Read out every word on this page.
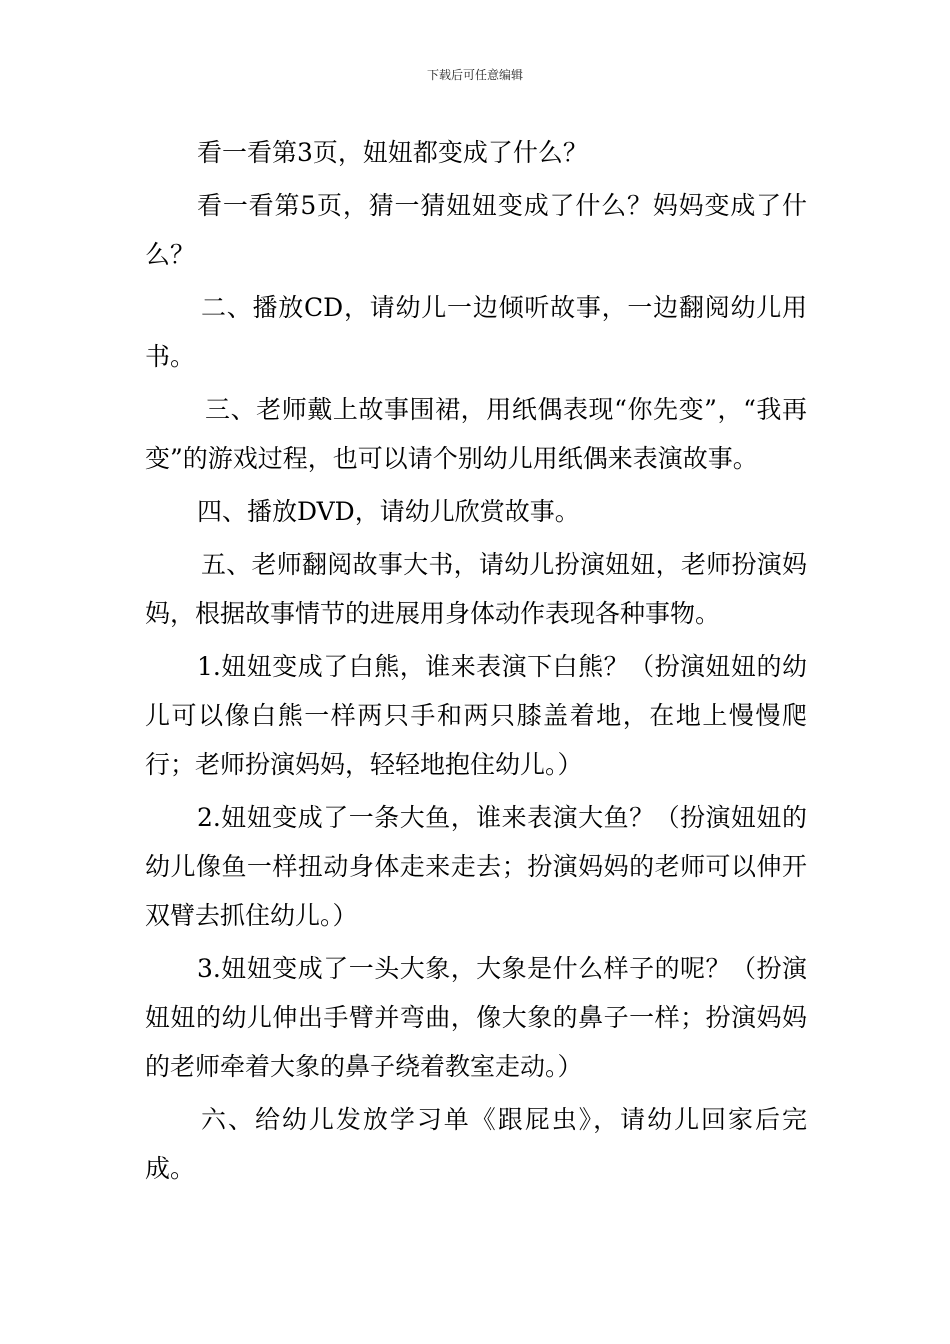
下载后可任意编辑

看一看第3页，妞妞都变成了什么？

看一看第5页，猜一猜妞妞变成了什么？妈妈变成了什么？

二、播放CD，请幼儿一边倾听故事，一边翻阅幼儿用书。

三、老师戴上故事围裙，用纸偶表现“你先变”，“我再变”的游戏过程，也可以请个别幼儿用纸偶来表演故事。

四、播放DVD，请幼儿欣赏故事。

五、老师翻阅故事大书，请幼儿扮演妞妞，老师扮演妈妈，根据故事情节的进展用身体动作表现各种事物。

1.妞妞变成了白熊，谁来表演下白熊？（扮演妞妞的幼儿可以像白熊一样两只手和两只膝盖着地，在地上慢慢爬行；老师扮演妈妈，轻轻地抱住幼儿。）

2.妞妞变成了一条大鱼，谁来表演大鱼？（扮演妞妞的幼儿像鱼一样扭动身体走来走去；扮演妈妈的老师可以伸开双臂去抓住幼儿。）

3.妞妞变成了一头大象，大象是什么样子的呢？（扮演妞妞的幼儿伸出手臂并弯曲，像大象的鼻子一样；扮演妈妈的老师牵着大象的鼻子绕着教室走动。）

六、给幼儿发放学习单《跟屁虫》，请幼儿回家后完成。
